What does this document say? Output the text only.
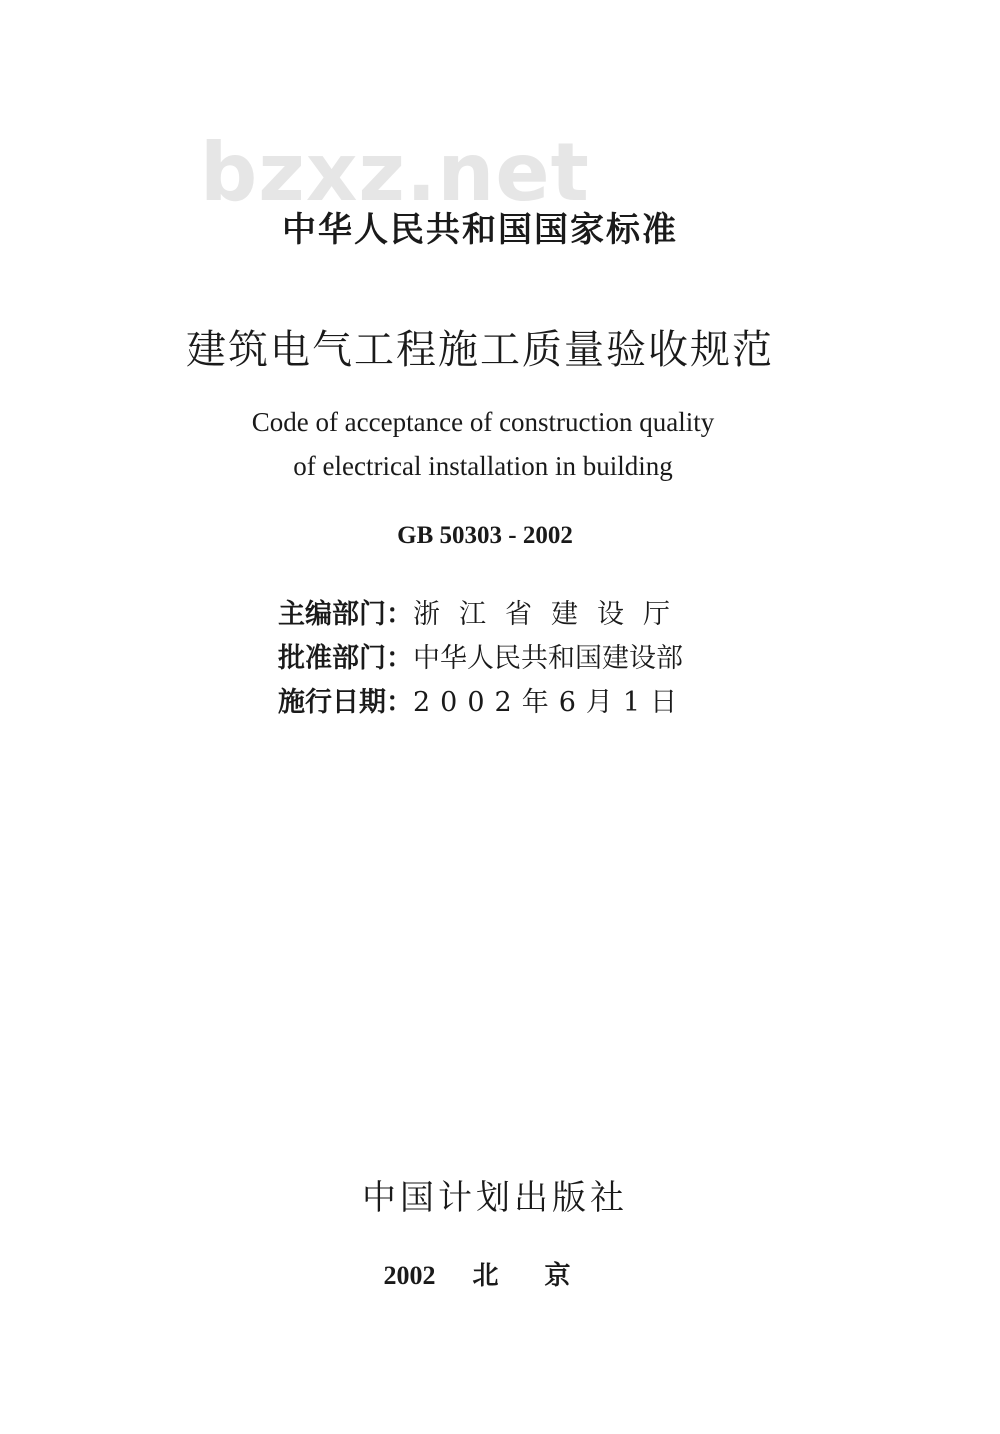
bzxz.net
中华人民共和国国家标准
建筑电气工程施工质量验收规范
Code of acceptance of construction quality
of electrical installation in building
GB 50303 - 2002
主编部门： 浙江省建设厅
批准部门： 中华人民共和国建设部
施行日期： 2002年6月1日
中国计划出版社
2002 北京
